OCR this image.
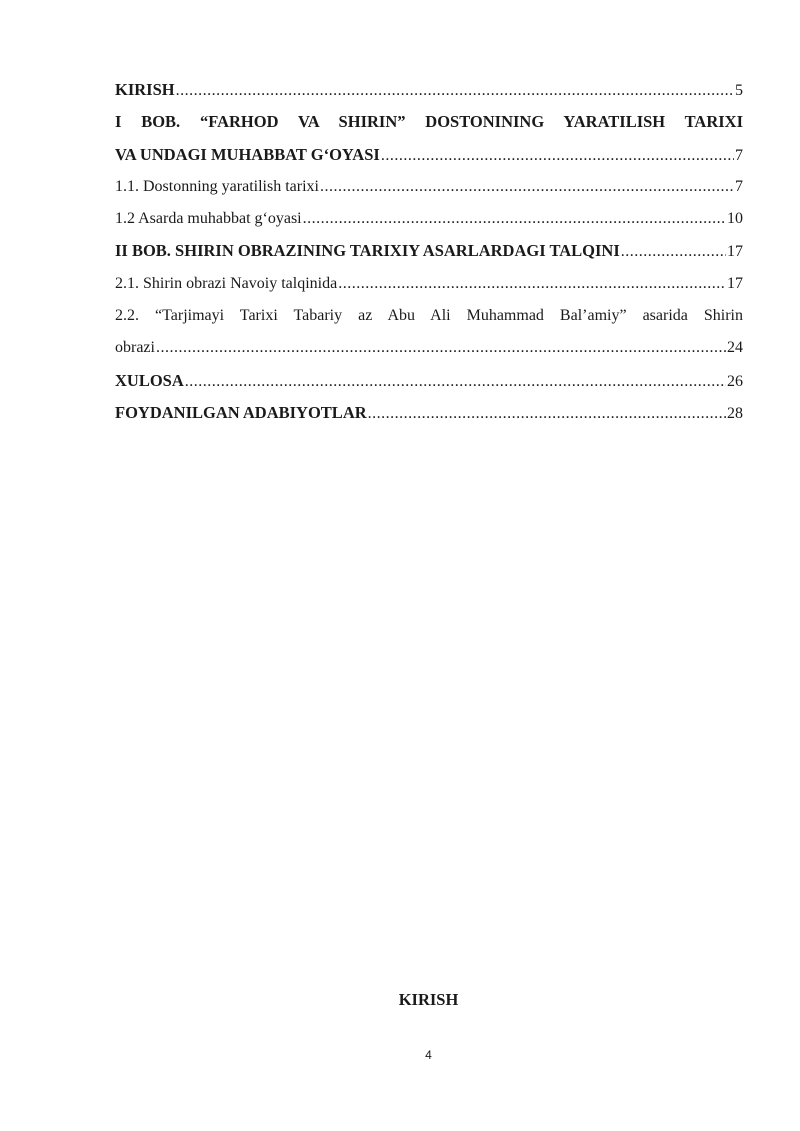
KIRISH .....	5
I BOB. “FARHOD VA SHIRIN” DOSTONINING YARATILISH TARIXI
VA UNDAGI MUHABBAT G‘OYASI .....	7
1.1. Dostonning yaratilish tarixi .....	7
1.2 Asarda muhabbat g‘oyasi .....	10
II BOB. SHIRIN OBRAZINING TARIXIY ASARLARDAGI TALQINI .....	17
2.1. Shirin obrazi Navoiy talqinida .....	17
2.2. “Tarjimayi Tarixi Tabariy az Abu Ali Muhammad Bal’amiy” asarida Shirin
obrazi .....	24
XULOSA .....	26
FOYDANILGAN ADABIYOTLAR .....	28
KIRISH
4
